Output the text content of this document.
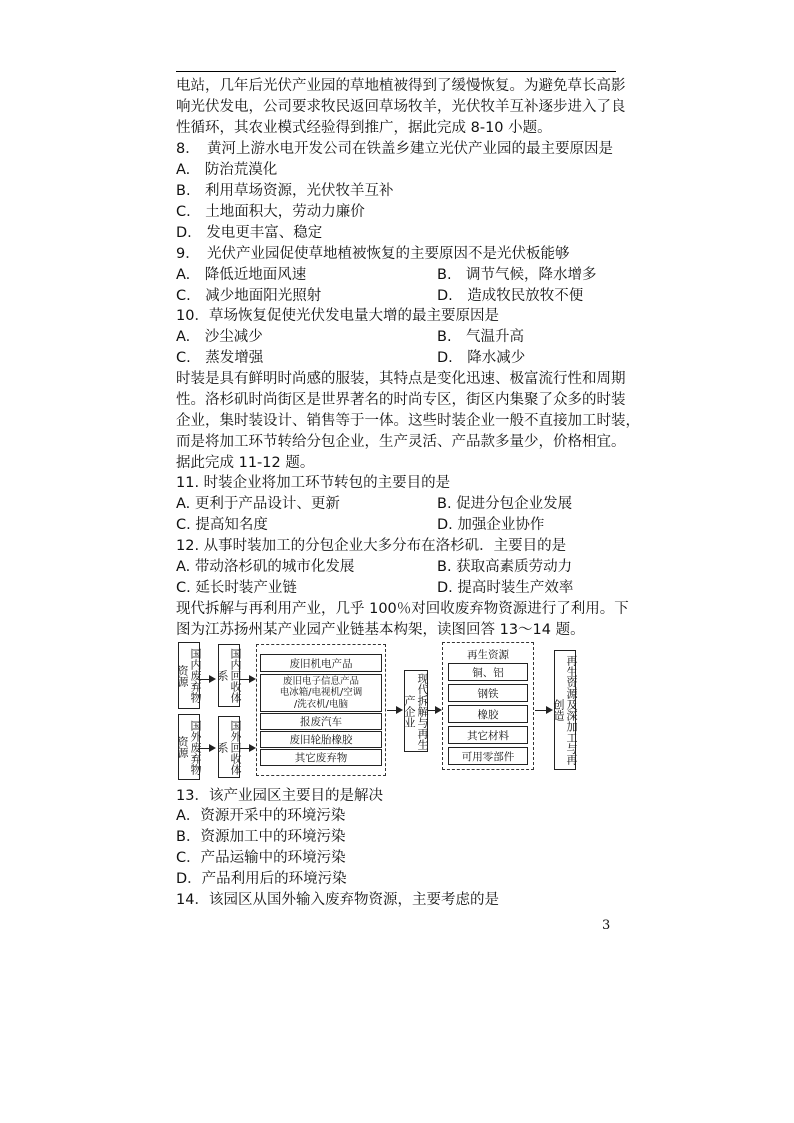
电站，几年后光伏产业园的草地植被得到了缓慢恢复。为避免草长高影
响光伏发电，公司要求牧民返回草场牧羊，光伏牧羊互补逐步进入了良
性循环，其农业模式经验得到推广，据此完成 8-10 小题。
8．　黄河上游水电开发公司在铁盖乡建立光伏产业园的最主要原因是
A.　防治荒漠化
B.　利用草场资源，光伏牧羊互补
C.　土地面积大，劳动力廉价
D.　发电更丰富、稳定
9．　光伏产业园促使草地植被恢复的主要原因不是光伏板能够
A.　降低近地面风速	B.　调节气候，降水增多
C.　减少地面阳光照射	D.　造成牧民放牧不便
10．草场恢复促使光伏发电量大增的最主要原因是
A.　沙尘减少	B.　气温升高
C.　蒸发增强	D.　降水减少
时装是具有鲜明时尚感的服装，其特点是变化迅速、极富流行性和周期
性。洛杉矶时尚街区是世界著名的时尚专区，街区内集聚了众多的时装
企业，集时装设计、销售等于一体。这些时装企业一般不直接加工时装，
而是将加工环节转给分包企业，生产灵活、产品款多量少，价格相宜。
据此完成 11-12 题。
11. 时装企业将加工环节转包的主要目的是
A. 更利于产品设计、更新	B. 促进分包企业发展
C. 提高知名度	D. 加强企业协作
12. 从事时装加工的分包企业大多分布在洛杉矶．主要目的是
A. 带动洛杉矶的城市化发展	B. 获取高素质劳动力
C. 延长时装产业链	D. 提高时装生产效率
现代拆解与再利用产业，几乎 100％对回收废弃物资源进行了利用。下
图为江苏扬州某产业园产业链基本构架，读图回答 13～14 题。
国内废弃物资源
国外废弃物资源
国内回收体系
国外回收体系
废旧机电产品
废旧电子信息产品
电冰箱/电视机/空调
/洗衣机/电脑
报废汽车
废旧轮胎橡胶
其它废弃物
现代拆解与再生产企业
再生资源
铜、铝
钢铁
橡胶
其它材料
可用零部件	再生资源及深加工与再创造
13．该产业园区主要目的是解决
A．资源开采中的环境污染
B．资源加工中的环境污染
C．产品运输中的环境污染
D．产品利用后的环境污染
14．该园区从国外输入废弃物资源，主要考虑的是
3
